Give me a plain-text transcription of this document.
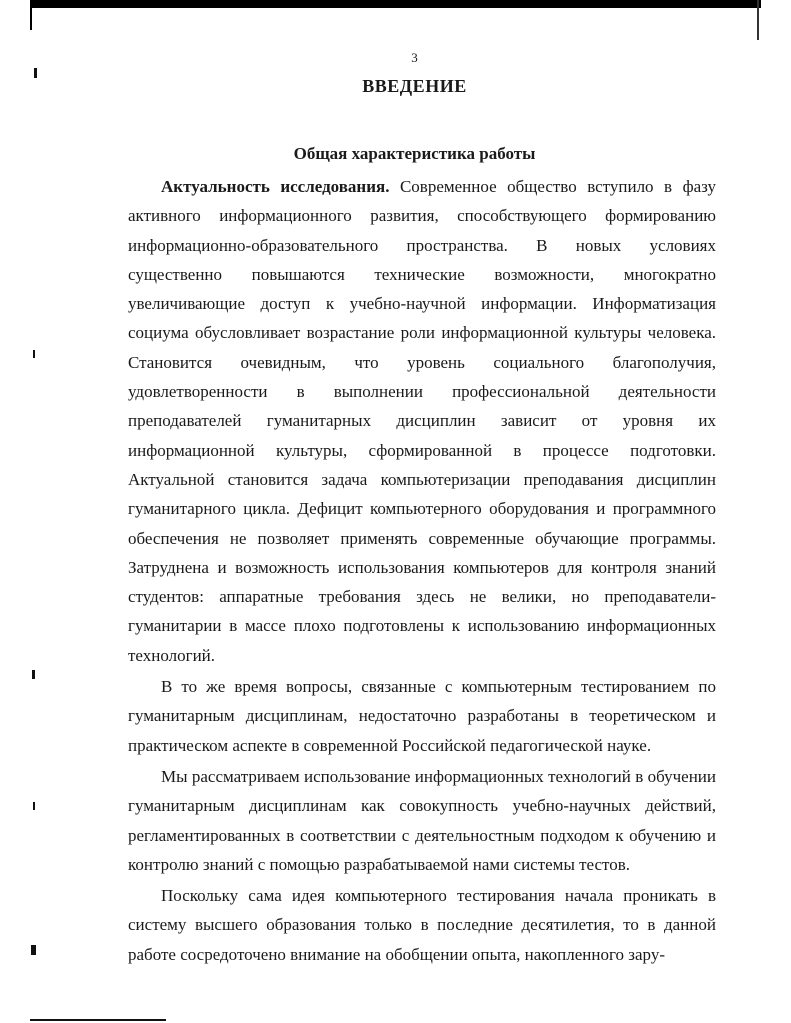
3
ВВЕДЕНИЕ
Общая характеристика работы

Актуальность исследования. Современное общество вступило в фазу активного информационного развития, способствующего формированию информационно-образовательного пространства. В новых условиях существенно повышаются технические возможности, многократно увеличивающие доступ к учебно-научной информации. Информатизация социума обусловливает возрастание роли информационной культуры человека. Становится очевидным, что уровень социального благополучия, удовлетворенности в выполнении профессиональной деятельности преподавателей гуманитарных дисциплин зависит от уровня их информационной культуры, сформированной в процессе подготовки. Актуальной становится задача компьютеризации преподавания дисциплин гуманитарного цикла. Дефицит компьютерного оборудования и программного обеспечения не позволяет применять современные обучающие программы. Затруднена и возможность использования компьютеров для контроля знаний студентов: аппаратные требования здесь не велики, но преподаватели-гуманитарии в массе плохо подготовлены к использованию информационных технологий.

В то же время вопросы, связанные с компьютерным тестированием по гуманитарным дисциплинам, недостаточно разработаны в теоретическом и практическом аспекте в современной Российской педагогической науке.

Мы рассматриваем использование информационных технологий в обучении гуманитарным дисциплинам как совокупность учебно-научных действий, регламентированных в соответствии с деятельностным подходом к обучению и контролю знаний с помощью разрабатываемой нами системы тестов.

Поскольку сама идея компьютерного тестирования начала проникать в систему высшего образования только в последние десятилетия, то в данной работе сосредоточено внимание на обобщении опыта, накопленного зару-
